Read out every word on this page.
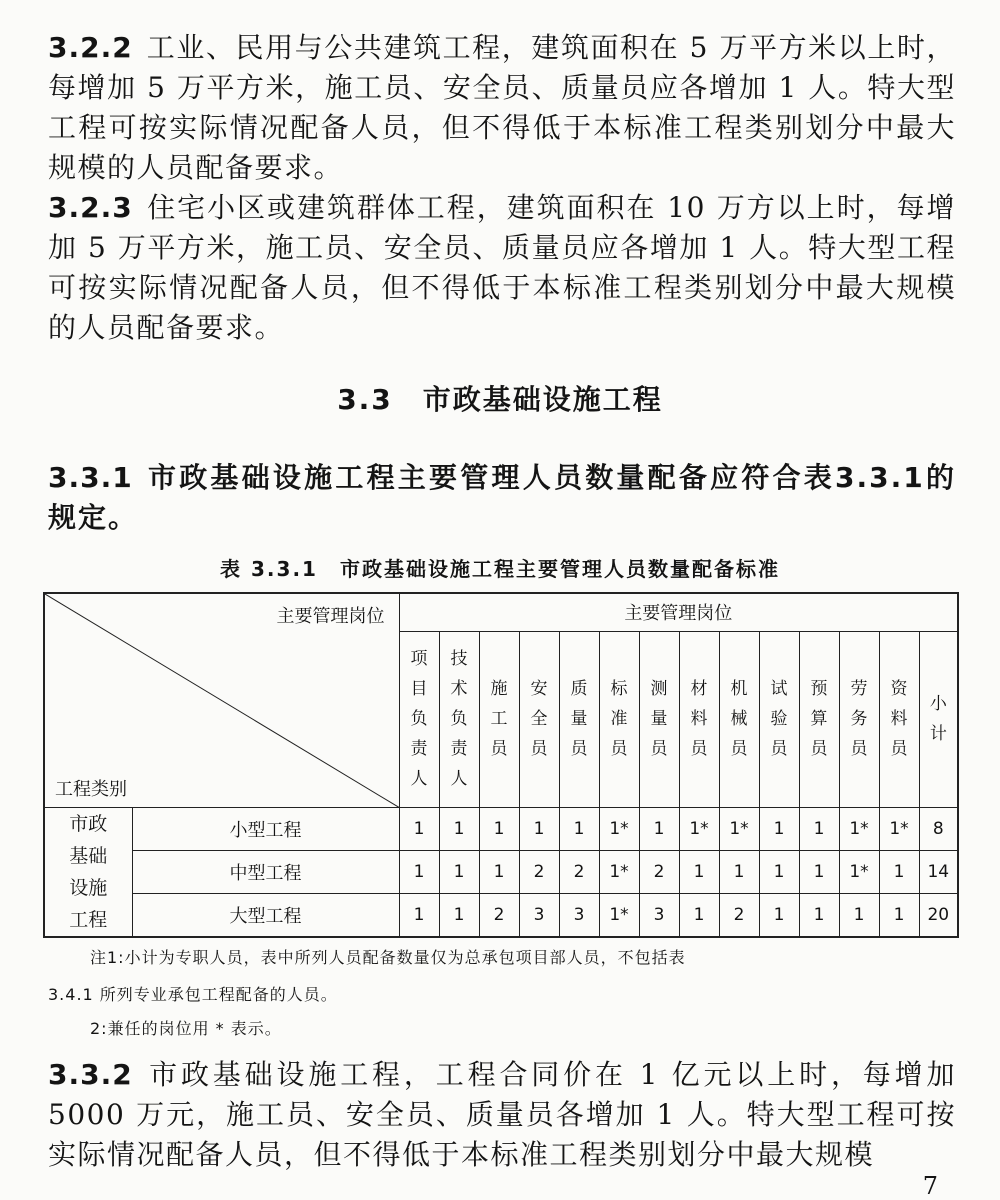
3.2.2 工业、民用与公共建筑工程，建筑面积在 5 万平方米以上时，每增加 5 万平方米，施工员、安全员、质量员应各增加 1 人。特大型工程可按实际情况配备人员，但不得低于本标准工程类别划分中最大规模的人员配备要求。

3.2.3 住宅小区或建筑群体工程，建筑面积在 10 万方以上时，每增加 5 万平方米，施工员、安全员、质量员应各增加 1 人。特大型工程可按实际情况配备人员，但不得低于本标准工程类别划分中最大规模的人员配备要求。

3.3 市政基础设施工程

3.3.1 市政基础设施工程主要管理人员数量配备应符合表3.3.1的规定。

表 3.3.1 市政基础设施工程主要管理人员数量配备标准
主要管理岗位
工程类别		主要管理岗位													
		项
目
负
责
人	技
术
负
责
人	施
工
员	安
全
员	质
量
员	标
准
员	测
量
员	材
料
员	机
械
员	试
验
员	预
算
员	劳
务
员	资
料
员	小
计
市政
基础
设施
工程	小型工程	1	1	1	1	1	1*	1	1*	1*	1	1	1*	1*	8
	中型工程	1	1	1	2	2	1*	2	1	1	1	1	1*	1	14
	大型工程	1	1	2	3	3	1*	3	1	2	1	1	1	1	20
注1:小计为专职人员，表中所列人员配备数量仅为总承包项目部人员，不包括表
3.4.1 所列专业承包工程配备的人员。
2:兼任的岗位用 * 表示。

3.3.2 市政基础设施工程，工程合同价在 1 亿元以上时，每增加 5000 万元，施工员、安全员、质量员各增加 1 人。特大型工程可按实际情况配备人员，但不得低于本标准工程类别划分中最大规模

7
